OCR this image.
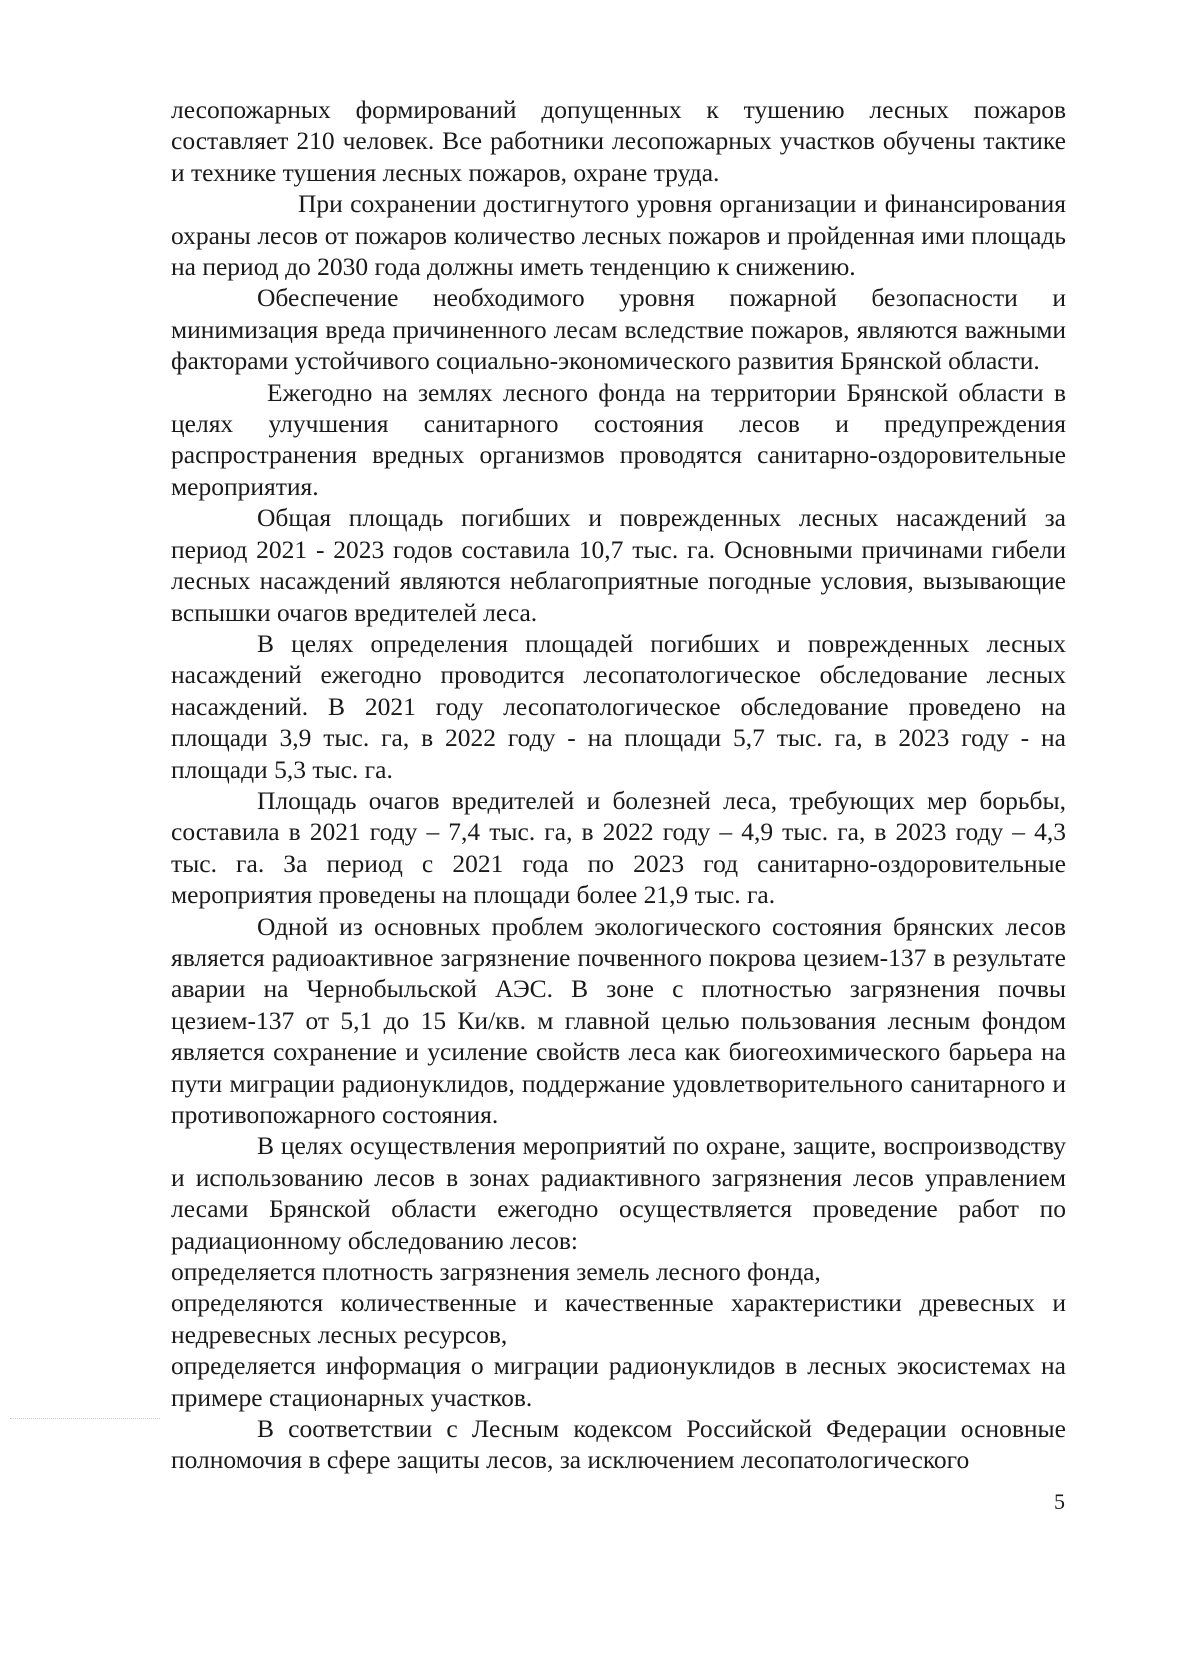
лесопожарных формирований допущенных к тушению лесных пожаров составляет 210 человек. Все работники лесопожарных участков обучены тактике и технике тушения лесных пожаров, охране труда.

При сохранении достигнутого уровня организации и финансирования охраны лесов от пожаров количество лесных пожаров и пройденная ими площадь на период до 2030 года должны иметь тенденцию к снижению.

Обеспечение необходимого уровня пожарной безопасности и минимизация вреда причиненного лесам вследствие пожаров, являются важными факторами устойчивого социально-экономического развития Брянской области.

Ежегодно на землях лесного фонда на территории Брянской области в целях улучшения санитарного состояния лесов и предупреждения распространения вредных организмов проводятся санитарно-оздоровительные мероприятия.

Общая площадь погибших и поврежденных лесных насаждений за период 2021 - 2023 годов составила 10,7 тыс. га. Основными причинами гибели лесных насаждений являются неблагоприятные погодные условия, вызывающие вспышки очагов вредителей леса.

В целях определения площадей погибших и поврежденных лесных насаждений ежегодно проводится лесопатологическое обследование лесных насаждений. В 2021 году лесопатологическое обследование проведено на площади 3,9 тыс. га, в 2022 году - на площади 5,7 тыс. га, в 2023 году - на площади 5,3 тыс. га.

Площадь очагов вредителей и болезней леса, требующих мер борьбы, составила в 2021 году – 7,4 тыс. га, в 2022 году – 4,9 тыс. га, в 2023 году – 4,3 тыс. га. За период с 2021 года по 2023 год санитарно-оздоровительные мероприятия проведены на площади более 21,9 тыс. га.

Одной из основных проблем экологического состояния брянских лесов является радиоактивное загрязнение почвенного покрова цезием-137 в результате аварии на Чернобыльской АЭС. В зоне с плотностью загрязнения почвы цезием-137 от 5,1 до 15 Ки/кв. м главной целью пользования лесным фондом является сохранение и усиление свойств леса как биогеохимического барьера на пути миграции радионуклидов, поддержание удовлетворительного санитарного и противопожарного состояния.

В целях осуществления мероприятий по охране, защите, воспроизводству и использованию лесов в зонах радиактивного загрязнения лесов управлением лесами Брянской области ежегодно осуществляется проведение работ по радиационному обследованию лесов:

определяется плотность загрязнения земель лесного фонда,

определяются количественные и качественные характеристики древесных и недревесных лесных ресурсов,

определяется информация о миграции радионуклидов в лесных экосистемах на примере стационарных участков.

В соответствии с Лесным кодексом Российской Федерации основные полномочия в сфере защиты лесов, за исключением лесопатологического

5
